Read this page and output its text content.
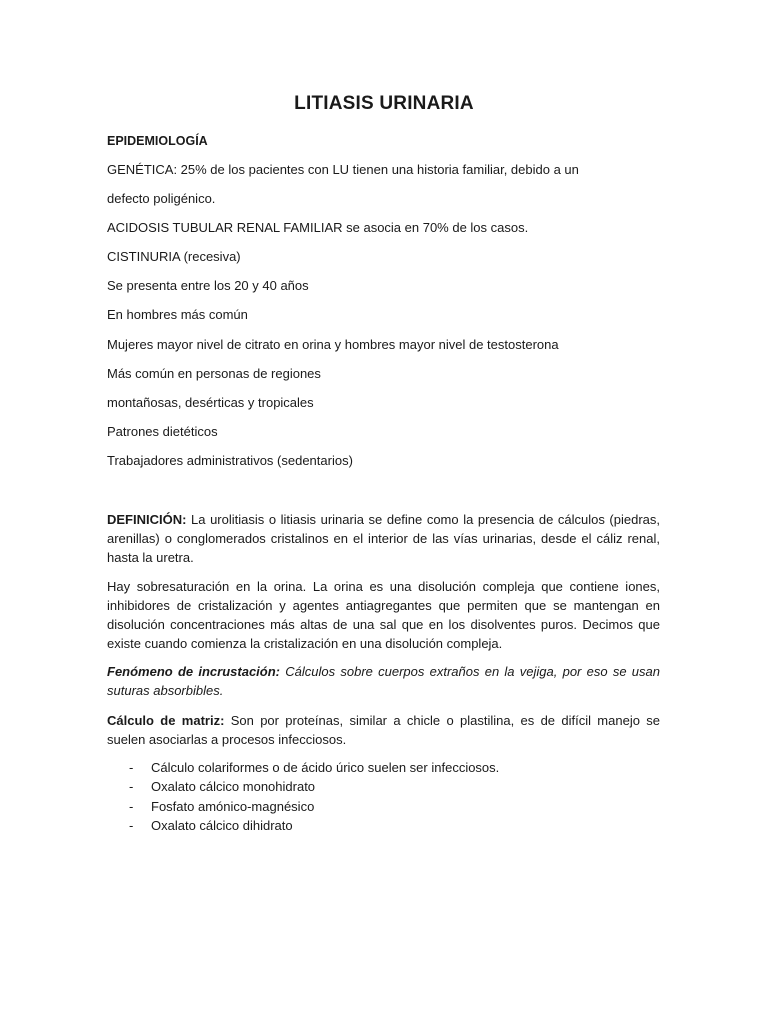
LITIASIS URINARIA
EPIDEMIOLOGÍA
GENÉTICA: 25% de los pacientes con LU tienen una historia familiar, debido a un
defecto poligénico.
ACIDOSIS TUBULAR RENAL FAMILIAR se asocia en 70% de los casos.
CISTINURIA (recesiva)
Se presenta entre los 20 y 40 años
En hombres más común
Mujeres mayor nivel de citrato en orina y hombres mayor nivel de testosterona
Más común en personas de regiones
montañosas, desérticas y tropicales
Patrones dietéticos
Trabajadores administrativos (sedentarios)
DEFINICIÓN: La urolitiasis o litiasis urinaria se define como la presencia de cálculos (piedras, arenillas) o conglomerados cristalinos en el interior de las vías urinarias, desde el cáliz renal, hasta la uretra.
Hay sobresaturación en la orina. La orina es una disolución compleja que contiene iones, inhibidores de cristalización y agentes antiagregantes que permiten que se mantengan en disolución concentraciones más altas de una sal que en los disolventes puros. Decimos que existe cuando comienza la cristalización en una disolución compleja.
Fenómeno de incrustación: Cálculos sobre cuerpos extraños en la vejiga, por eso se usan suturas absorbibles.
Cálculo de matriz: Son por proteínas, similar a chicle o plastilina, es de difícil manejo se suelen asociarlas a procesos infecciosos.
- Cálculo colariformes o de ácido úrico suelen ser infecciosos.
- Oxalato cálcico monohidrato
- Fosfato amónico-magnésico
- Oxalato cálcico dihidrato
